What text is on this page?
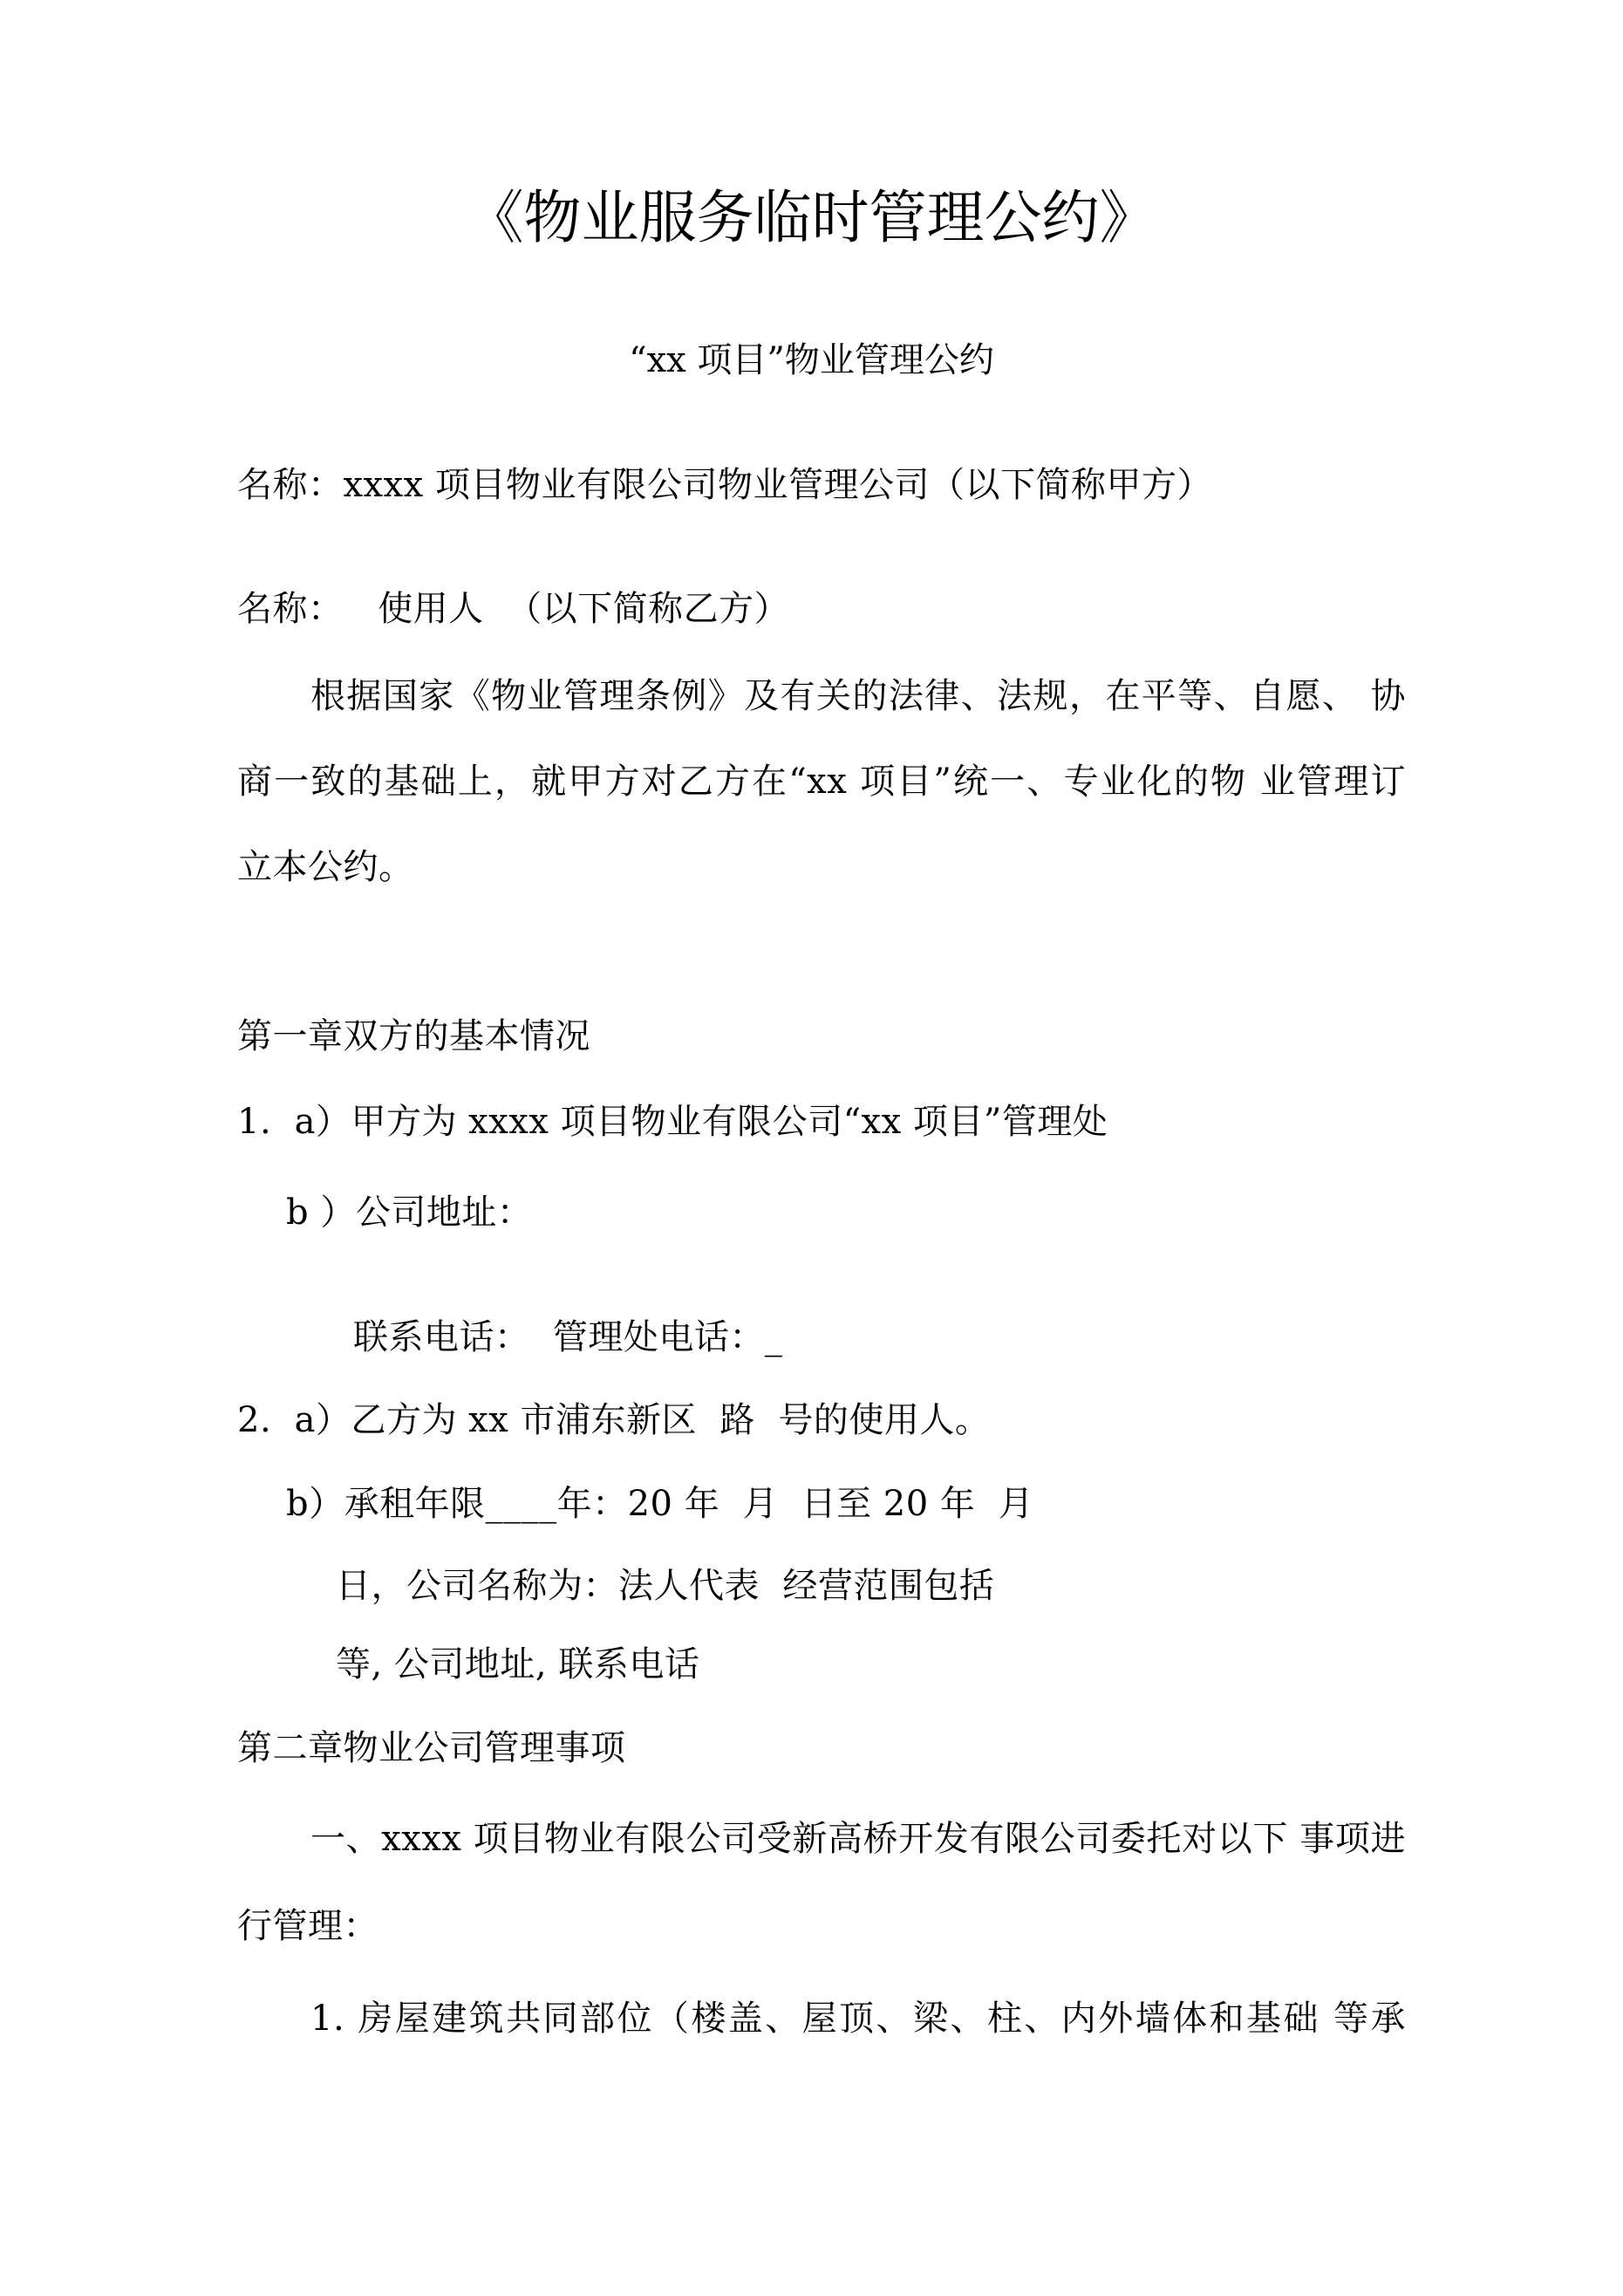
《物业服务临时管理公约》
“xx 项目”物业管理公约
名称：xxxx 项目物业有限公司物业管理公司（以下简称甲方）
名称：   使用人  （以下简称乙方）
根据国家《物业管理条例》及有关的法律、法规，在平等、自愿、 协
商一致的基础上，就甲方对乙方在“xx 项目”统一、专业化的物 业管理订
立本公约。
第一章双方的基本情况
1.  a）甲方为 xxxx 项目物业有限公司“xx 项目”管理处
b ）公司地址：
联系电话：  管理处电话：_
2.  a）乙方为 xx 市浦东新区  路  号的使用人。
b）承租年限____年：20 年  月  日至 20 年  月
日，公司名称为：法人代表  经营范围包括
等, 公司地址, 联系电话
第二章物业公司管理事项
一、xxxx 项目物业有限公司受新高桥开发有限公司委托对以下 事项进
行管理：
1. 房屋建筑共同部位（楼盖、屋顶、梁、柱、内外墙体和基础 等承
